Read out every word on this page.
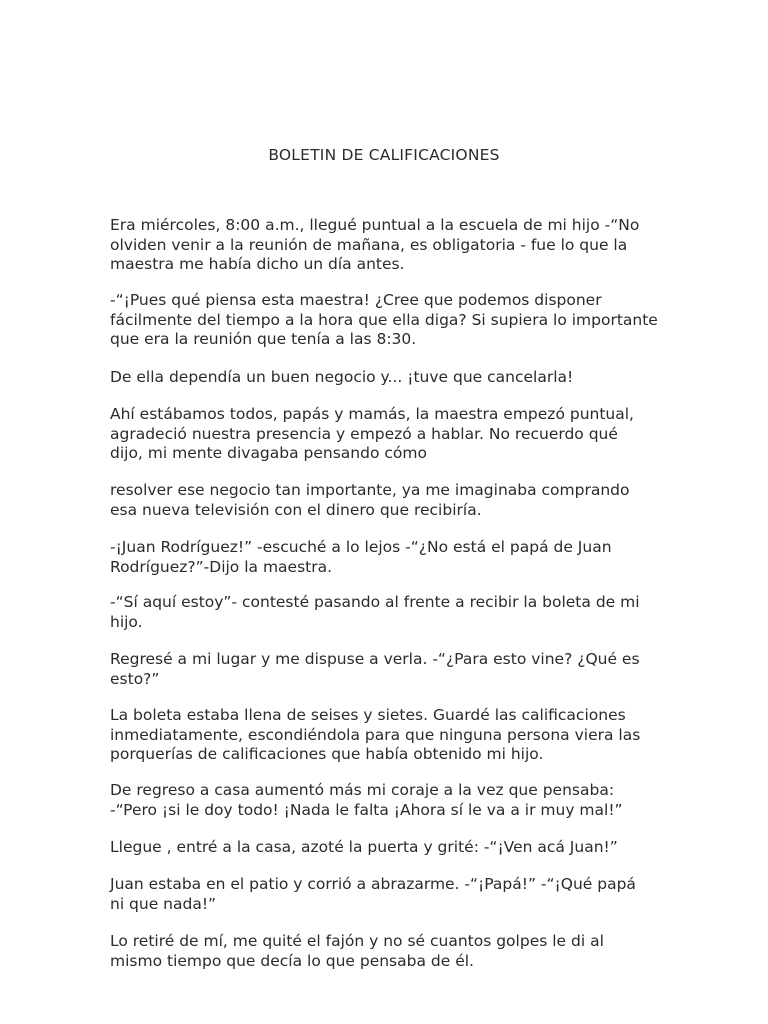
BOLETIN DE CALIFICACIONES
Era miércoles, 8:00 a.m., llegué puntual a la escuela de mi hijo -“No
olviden venir a la reunión de mañana, es obligatoria - fue lo que la
maestra me había dicho un día antes.
-“¡Pues qué piensa esta maestra! ¿Cree que podemos disponer
fácilmente del tiempo a la hora que ella diga? Si supiera lo importante
que era la reunión que tenía a las 8:30.
De ella dependía un buen negocio y... ¡tuve que cancelarla!
Ahí estábamos todos, papás y mamás, la maestra empezó puntual,
agradeció nuestra presencia y empezó a hablar. No recuerdo qué
dijo, mi mente divagaba pensando cómo
resolver ese negocio tan importante, ya me imaginaba comprando
esa nueva televisión con el dinero que recibiría.
-¡Juan Rodríguez!” -escuché a lo lejos -“¿No está el papá de Juan
Rodríguez?”-Dijo la maestra.
-“Sí aquí estoy”- contesté pasando al frente a recibir la boleta de mi
hijo.
Regresé a mi lugar y me dispuse a verla. -“¿Para esto vine? ¿Qué es
esto?”
La boleta estaba llena de seises y sietes. Guardé las calificaciones
inmediatamente, escondiéndola para que ninguna persona viera las
porquerías de calificaciones que había obtenido mi hijo.
De regreso a casa aumentó más mi coraje a la vez que pensaba:
-“Pero ¡si le doy todo! ¡Nada le falta ¡Ahora sí le va a ir muy mal!”
Llegue , entré a la casa, azoté la puerta y grité: -“¡Ven acá Juan!”
Juan estaba en el patio y corrió a abrazarme. -“¡Papá!” -“¡Qué papá
ni que nada!”
Lo retiré de mí, me quité el fajón y no sé cuantos golpes le di al
mismo tiempo que decía lo que pensaba de él.
